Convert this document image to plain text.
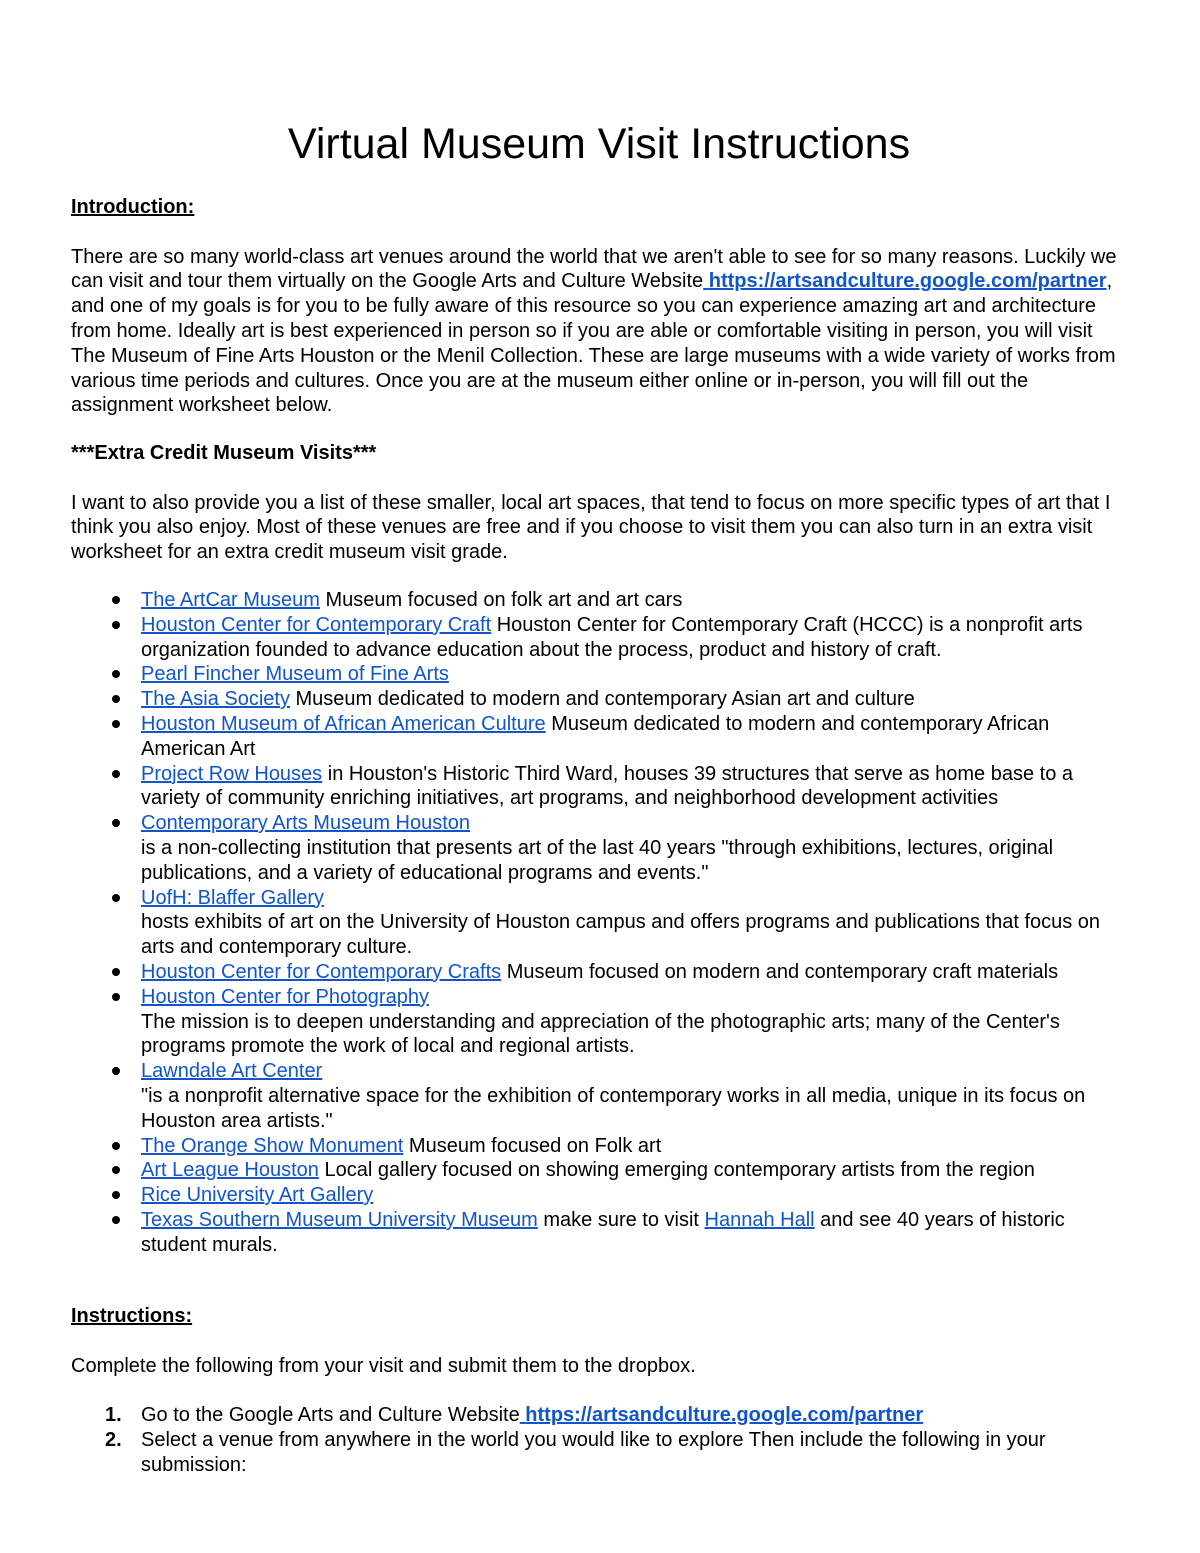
Virtual Museum Visit Instructions

Introduction:

There are so many world-class art venues around the world that we aren't able to see for so many reasons. Luckily we can visit and tour them virtually on the Google Arts and Culture Website https://artsandculture.google.com/partner, and one of my goals is for you to be fully aware of this resource so you can experience amazing art and architecture from home. Ideally art is best experienced in person so if you are able or comfortable visiting in person, you will visit The Museum of Fine Arts Houston or the Menil Collection. These are large museums with a wide variety of works from various time periods and cultures. Once you are at the museum either online or in-person, you will fill out the assignment worksheet below.

***Extra Credit Museum Visits***

I want to also provide you a list of these smaller, local art spaces, that tend to focus on more specific types of art that I think you also enjoy. Most of these venues are free and if you choose to visit them you can also turn in an extra visit worksheet for an extra credit museum visit grade.

The ArtCar Museum Museum focused on folk art and art cars
Houston Center for Contemporary Craft Houston Center for Contemporary Craft (HCCC) is a nonprofit arts organization founded to advance education about the process, product and history of craft.
Pearl Fincher Museum of Fine Arts
The Asia Society Museum dedicated to modern and contemporary Asian art and culture
Houston Museum of African American Culture Museum dedicated to modern and contemporary African American Art
Project Row Houses in Houston's Historic Third Ward, houses 39 structures that serve as home base to a variety of community enriching initiatives, art programs, and neighborhood development activities
Contemporary Arts Museum Houston
is a non-collecting institution that presents art of the last 40 years "through exhibitions, lectures, original publications, and a variety of educational programs and events."
UofH: Blaffer Gallery
hosts exhibits of art on the University of Houston campus and offers programs and publications that focus on arts and contemporary culture.
Houston Center for Contemporary Crafts Museum focused on modern and contemporary craft materials
Houston Center for Photography
The mission is to deepen understanding and appreciation of the photographic arts; many of the Center's programs promote the work of local and regional artists.
Lawndale Art Center
"is a nonprofit alternative space for the exhibition of contemporary works in all media, unique in its focus on Houston area artists."
The Orange Show Monument Museum focused on Folk art
Art League Houston Local gallery focused on showing emerging contemporary artists from the region
Rice University Art Gallery
Texas Southern Museum University Museum make sure to visit Hannah Hall and see 40 years of historic student murals.

Instructions:

Complete the following from your visit and submit them to the dropbox.

1. Go to the Google Arts and Culture Website https://artsandculture.google.com/partner
2. Select a venue from anywhere in the world you would like to explore Then include the following in your submission:
